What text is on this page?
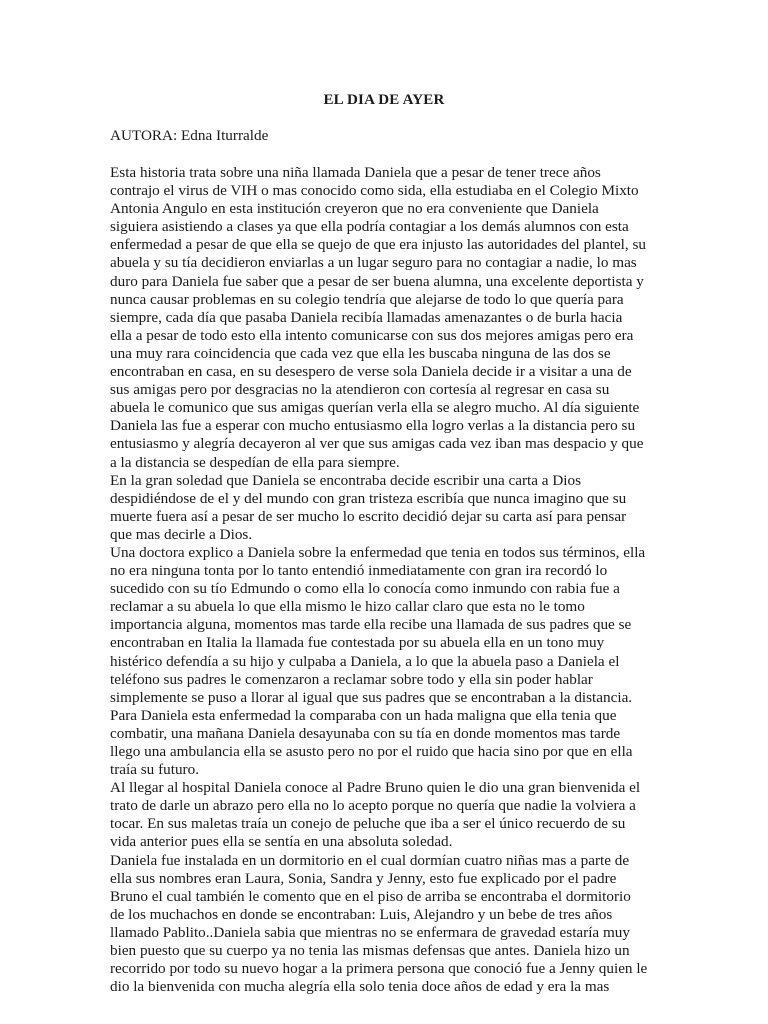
EL DIA DE AYER
AUTORA: Edna Iturralde
Esta historia trata sobre una niña llamada Daniela que a pesar de tener trece años
contrajo el virus de VIH o mas conocido como sida, ella estudiaba en el Colegio Mixto
Antonia Angulo en esta institución creyeron que no era conveniente que Daniela
siguiera asistiendo a clases ya que ella podría contagiar a los demás alumnos con esta
enfermedad a pesar de que ella se quejo de que era injusto las autoridades del plantel, su
abuela y su tía decidieron enviarlas a un lugar seguro para no contagiar a nadie, lo mas
duro para Daniela fue saber que a pesar de ser buena alumna, una excelente deportista y
nunca causar problemas en su colegio tendría que alejarse de todo lo que quería para
siempre, cada día que pasaba Daniela recibía llamadas amenazantes o de burla hacia
ella a pesar de todo esto ella intento comunicarse con sus dos mejores amigas pero era
una muy rara coincidencia que cada vez que ella les buscaba ninguna de las dos se
encontraban en casa, en su desespero de verse sola Daniela decide ir a visitar a una de
sus amigas pero por desgracias no la atendieron con cortesía al regresar en casa su
abuela le comunico que sus amigas querían verla ella se alegro mucho. Al día siguiente
Daniela las fue a esperar con mucho entusiasmo ella logro verlas a la distancia pero su
entusiasmo y alegría decayeron al ver que sus amigas cada vez iban mas despacio y que
a la distancia se despedían de ella para siempre.
En la gran soledad que Daniela se encontraba decide escribir una carta a Dios
despidiéndose de el y del mundo con gran tristeza escribía que nunca imagino que su
muerte fuera así a pesar de ser mucho lo escrito decidió dejar su carta así para pensar
que mas decirle a Dios.
Una doctora explico a Daniela sobre la enfermedad que tenia en todos sus términos, ella
no era ninguna tonta por lo tanto entendió inmediatamente con gran ira recordó lo
sucedido con su tío Edmundo o como ella lo conocía como inmundo con rabia fue a
reclamar a su abuela lo que ella mismo le hizo callar claro que esta no le tomo
importancia alguna, momentos mas tarde ella recibe una llamada de sus padres que se
encontraban en Italia la llamada fue contestada por su abuela ella en un tono muy
histérico defendía a su hijo y culpaba a Daniela, a lo que la abuela paso a Daniela el
teléfono sus padres le comenzaron a reclamar sobre todo y ella sin poder hablar
simplemente se puso a llorar al igual que sus padres que se encontraban a la distancia.
Para Daniela esta enfermedad la comparaba con un hada maligna que ella tenia que
combatir, una mañana Daniela desayunaba con su tía en donde momentos mas tarde
llego una ambulancia ella se asusto pero no por el ruido que hacia sino por que en ella
traía su futuro.
Al llegar al hospital Daniela conoce al Padre Bruno quien le dio una gran bienvenida el
trato de darle un abrazo pero ella no lo acepto porque no quería que nadie la volviera a
tocar. En sus maletas traía un conejo de peluche que iba a ser el único recuerdo de su
vida anterior pues ella se sentía en una absoluta soledad.
Daniela fue instalada en un dormitorio en el cual dormían cuatro niñas mas a parte de
ella sus nombres eran Laura, Sonia, Sandra y Jenny, esto fue explicado por el padre
Bruno el cual también le comento que en el piso de arriba se encontraba el dormitorio
de los muchachos en donde se encontraban: Luis, Alejandro y un bebe de tres años
llamado Pablito..Daniela sabia que mientras no se enfermara de gravedad estaría muy
bien puesto que su cuerpo ya no tenia las mismas defensas que antes. Daniela hizo un
recorrido por todo su nuevo hogar a la primera persona que conoció fue a Jenny quien le
dio la bienvenida con mucha alegría ella solo tenia doce años de edad y era la mas
